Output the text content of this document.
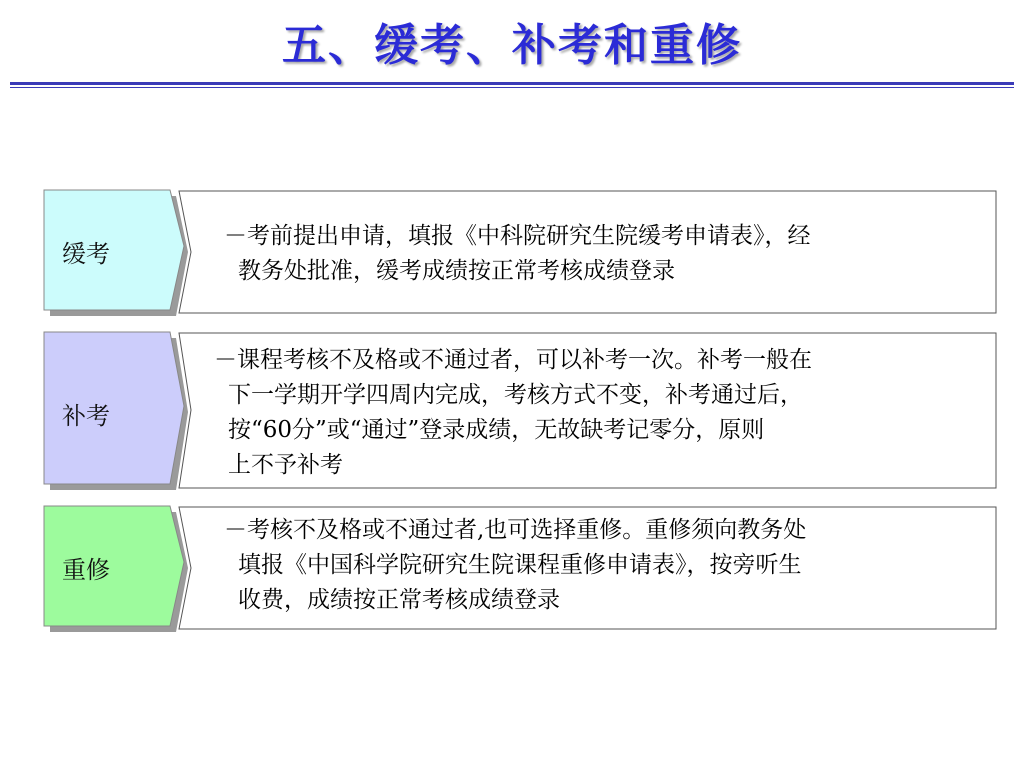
五、缓考、补考和重修
缓考
－考前提出申请，填报《中科院研究生院缓考申请表》，经
教务处批准，缓考成绩按正常考核成绩登录
补考
－课程考核不及格或不通过者，可以补考一次。补考一般在
下一学期开学四周内完成，考核方式不变，补考通过后，
按“60分”或“通过”登录成绩，无故缺考记零分，原则
上不予补考
重修
－考核不及格或不通过者,也可选择重修。重修须向教务处
填报《中国科学院研究生院课程重修申请表》，按旁听生
收费，成绩按正常考核成绩登录
